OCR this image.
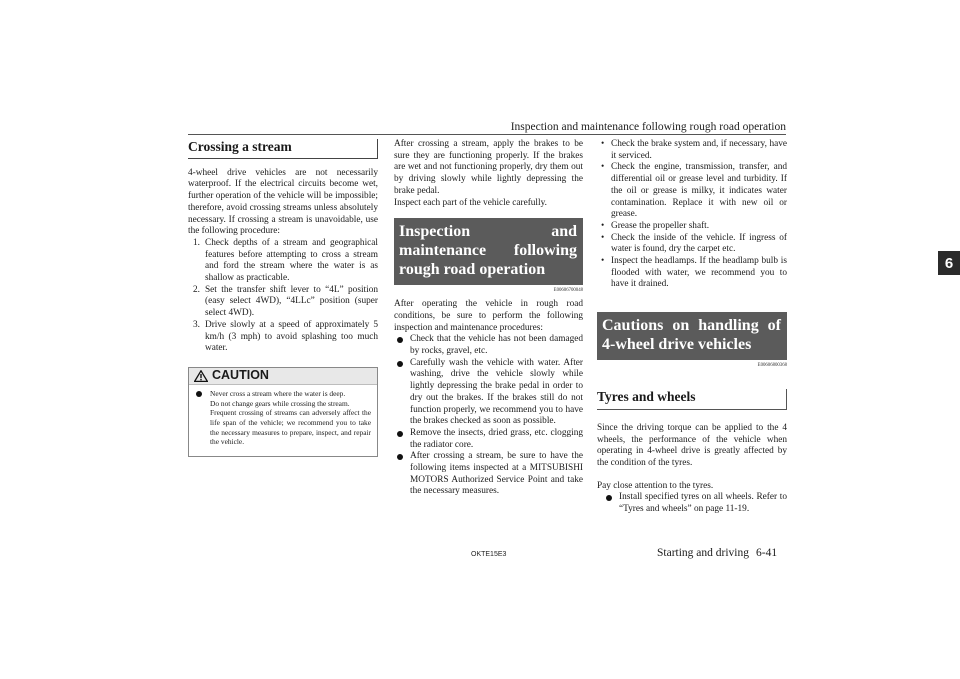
Inspection and maintenance following rough road operation
6
Crossing a stream

4-wheel drive vehicles are not necessarily waterproof. If the electrical circuits become wet, further operation of the vehicle will be impossible; therefore, avoid crossing streams unless absolutely necessary. If crossing a stream is unavoidable, use the following procedure:

1. Check depths of a stream and geographical features before attempting to cross a stream and ford the stream where the water is as shallow as practicable.
2. Set the transfer shift lever to “4L” position (easy select 4WD), “4LLc” position (super select 4WD).
3. Drive slowly at a speed of approximately 5 km/h (3 mph) to avoid splashing too much water.
CAUTION
Never cross a stream where the water is deep.
Do not change gears while crossing the stream.
Frequent crossing of streams can adversely affect the life span of the vehicle; we recommend you to take the necessary measures to prepare, inspect, and repair the vehicle.

After crossing a stream, apply the brakes to be sure they are functioning properly. If the brakes are wet and not functioning properly, dry them out by driving slowly while lightly depressing the brake pedal.

Inspect each part of the vehicle carefully.

Inspection and maintenance following rough road operation
E00606700048

After operating the vehicle in rough road conditions, be sure to perform the following inspection and maintenance procedures:

Check that the vehicle has not been damaged by rocks, gravel, etc.
Carefully wash the vehicle with water. After washing, drive the vehicle slowly while lightly depressing the brake pedal in order to dry out the brakes. If the brakes still do not function properly, we recommend you to have the brakes checked as soon as possible.
Remove the insects, dried grass, etc. clogging the radiator core.
After crossing a stream, be sure to have the following items inspected at a MITSUBISHI MOTORS Authorized Service Point and take the necessary measures.
• Check the brake system and, if necessary, have it serviced.
• Check the engine, transmission, transfer, and differential oil or grease level and turbidity. If the oil or grease is milky, it indicates water contamination. Replace it with new oil or grease.
• Grease the propeller shaft.
• Check the inside of the vehicle. If ingress of water is found, dry the carpet etc.
• Inspect the headlamps. If the headlamp bulb is flooded with water, we recommend you to have it drained.
Cautions on handling of 4-wheel drive vehicles
E00606800368
Tyres and wheels

Since the driving torque can be applied to the 4 wheels, the performance of the vehicle when operating in 4-wheel drive is greatly affected by the condition of the tyres.

Pay close attention to the tyres.

Install specified tyres on all wheels. Refer to “Tyres and wheels” on page 11-19.
OKTE15E3	Starting and driving 6-41
